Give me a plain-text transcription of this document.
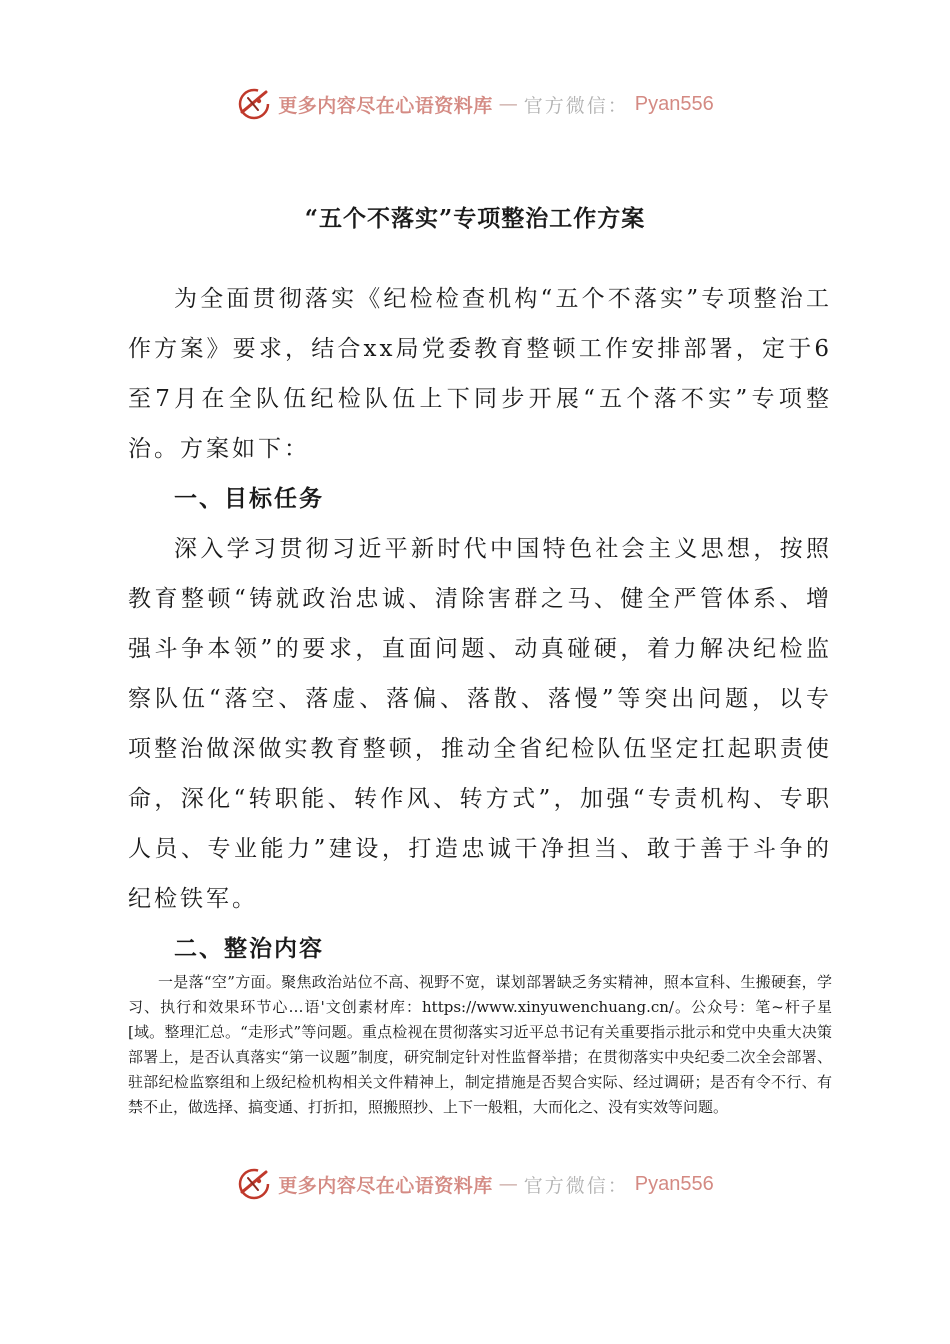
更多内容尽在心语资料库 — 官方微信： Pyan556
“五个不落实”专项整治工作方案

为全面贯彻落实《纪检检查机构“五个不落实”专项整治工作方案》要求，结合xx局党委教育整顿工作安排部署，定于6至7月在全队伍纪检队伍上下同步开展“五个落不实”专项整治。方案如下：

一、目标任务

深入学习贯彻习近平新时代中国特色社会主义思想，按照教育整顿“铸就政治忠诚、清除害群之马、健全严管体系、增强斗争本领”的要求，直面问题、动真碰硬，着力解决纪检监察队伍“落空、落虚、落偏、落散、落慢”等突出问题，以专项整治做深做实教育整顿，推动全省纪检队伍坚定扛起职责使命，深化“转职能、转作风、转方式”，加强“专责机构、专职人员、专业能力”建设，打造忠诚干净担当、敢于善于斗争的纪检铁军。

二、整治内容

一是落“空”方面。聚焦政治站位不高、视野不宽，谋划部署缺乏务实精神，照本宣科、生搬硬套，学习、执行和效果环节心…语'文创素材库：https://www.xinyuwenchuang.cn/。公众号：笔~杆子星[域。整理汇总。“走形式”等问题。重点检视在贯彻落实习近平总书记有关重要指示批示和党中央重大决策部署上，是否认真落实“第一议题”制度，研究制定针对性监督举措；在贯彻落实中央纪委二次全会部署、驻部纪检监察组和上级纪检机构相关文件精神上，制定措施是否契合实际、经过调研；是否有令不行、有禁不止，做选择、搞变通、打折扣，照搬照抄、上下一般粗，大而化之、没有实效等问题。

更多内容尽在心语资料库 — 官方微信： Pyan556
